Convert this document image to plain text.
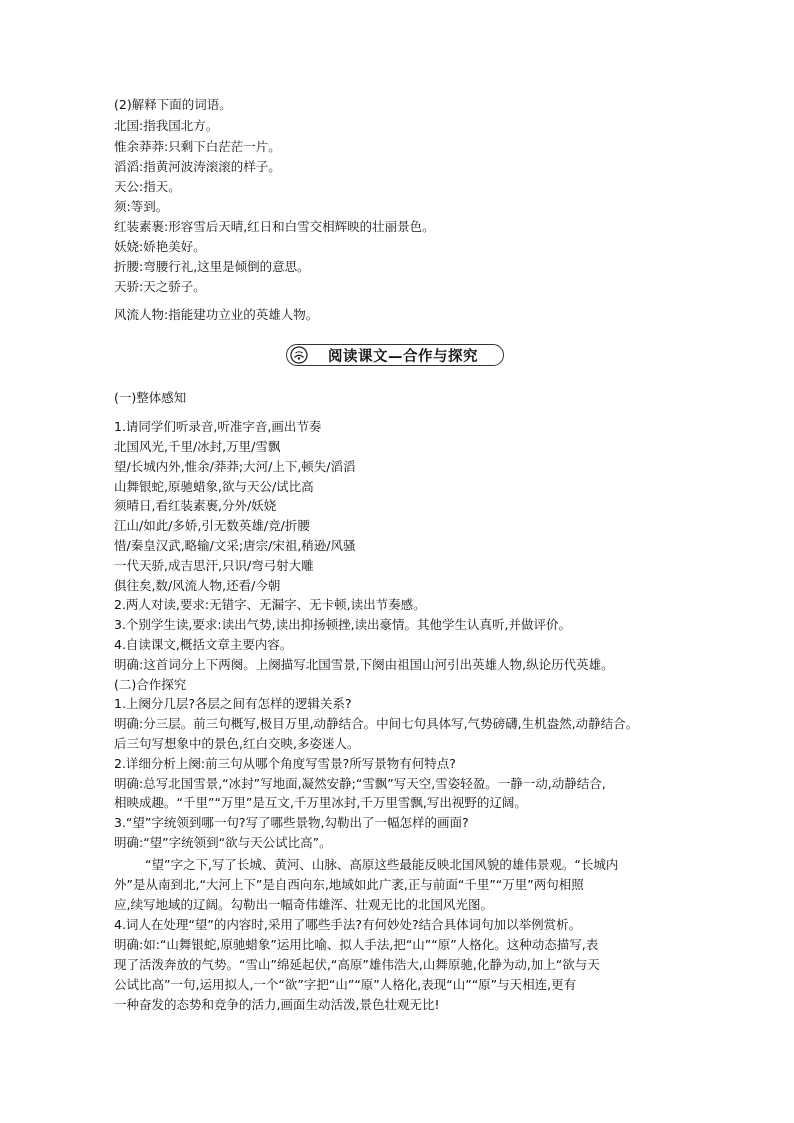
(2)解释下面的词语。
北国:指我国北方。
惟余莽莽:只剩下白茫茫一片。
滔滔:指黄河波涛滚滚的样子。
天公:指天。
须:等到。
红装素裹:形容雪后天晴,红日和白雪交相辉映的壮丽景色。
妖娆:娇艳美好。
折腰:弯腰行礼,这里是倾倒的意思。
天骄:天之骄子。
风流人物:指能建功立业的英雄人物。
阅读课文—合作与探究
(一)整体感知
1.请同学们听录音,听准字音,画出节奏
北国风光,千里/冰封,万里/雪飘
望/长城内外,惟余/莽莽;大河/上下,顿失/滔滔
山舞银蛇,原驰蜡象,欲与天公/试比高
须晴日,看红装素裹,分外/妖娆
江山/如此/多娇,引无数英雄/竞/折腰
惜/秦皇汉武,略输/文采;唐宗/宋祖,稍逊/风骚
一代天骄,成吉思汗,只识/弯弓射大雕
俱往矣,数/风流人物,还看/今朝
2.两人对读,要求:无错字、无漏字、无卡顿,读出节奏感。
3.个别学生读,要求:读出气势,读出抑扬顿挫,读出豪情。其他学生认真听,并做评价。
4.自读课文,概括文章主要内容。
明确:这首词分上下两阕。上阕描写北国雪景,下阕由祖国山河引出英雄人物,纵论历代英雄。
(二)合作探究
1.上阕分几层?各层之间有怎样的逻辑关系?
明确:分三层。前三句概写,极目万里,动静结合。中间七句具体写,气势磅礴,生机盎然,动静结合。
后三句写想象中的景色,红白交映,多姿迷人。
2.详细分析上阕:前三句从哪个角度写雪景?所写景物有何特点?
明确:总写北国雪景,“冰封”写地面,凝然安静;“雪飘”写天空,雪姿轻盈。一静一动,动静结合,
相映成趣。“千里”“万里”是互文,千万里冰封,千万里雪飘,写出视野的辽阔。
3.“望”字统领到哪一句?写了哪些景物,勾勒出了一幅怎样的画面?
明确:“望”字统领到“欲与天公试比高”。
“望”字之下,写了长城、黄河、山脉、高原这些最能反映北国风貌的雄伟景观。“长城内
外”是从南到北,“大河上下”是自西向东,地域如此广袤,正与前面“千里”“万里”两句相照
应,续写地域的辽阔。勾勒出一幅奇伟雄浑、壮观无比的北国风光图。
4.词人在处理“望”的内容时,采用了哪些手法?有何妙处?结合具体词句加以举例赏析。
明确:如:“山舞银蛇,原驰蜡象”运用比喻、拟人手法,把“山”“原”人格化。这种动态描写,表
现了活泼奔放的气势。“雪山”绵延起伏,“高原”雄伟浩大,山舞原驰,化静为动,加上“欲与天
公试比高”一句,运用拟人,一个“欲”字把“山”“原”人格化,表现“山”“原”与天相连,更有
一种奋发的态势和竞争的活力,画面生动活泼,景色壮观无比!
